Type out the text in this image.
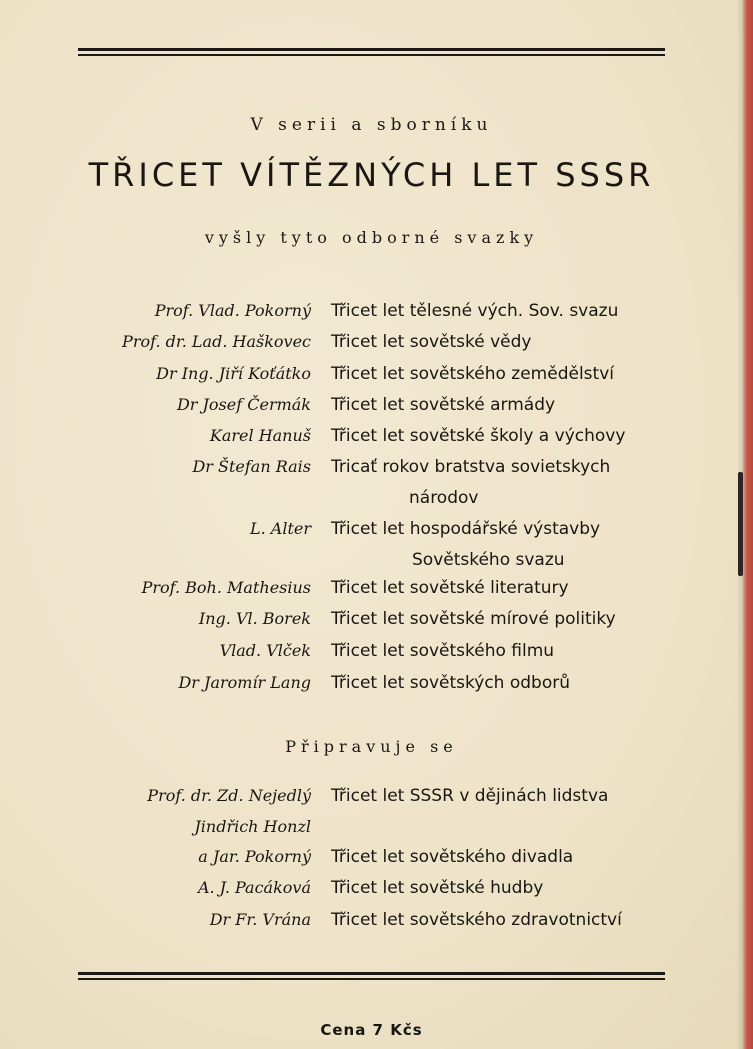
V serii a sborníku
TŘICET VÍTĚZNÝCH LET SSSR
vyšly tyto odborné svazky
Prof. Vlad. Pokorný Třicet let tělesné vých. Sov. svazu
Prof. dr. Lad. Haškovec Třicet let sovětské vědy
Dr Ing. Jiří Koťátko Třicet let sovětského zemědělství
Dr Josef Čermák Třicet let sovětské armády
Karel Hanuš Třicet let sovětské školy a výchovy
Dr Štefan Rais Tricať rokov bratstva sovietskych
národov
L. Alter Třicet let hospodářské výstavby
Sovětského svazu
Prof. Boh. Mathesius Třicet let sovětské literatury
Ing. Vl. Borek Třicet let sovětské mírové politiky
Vlad. Vlček Třicet let sovětského filmu
Dr Jaromír Lang Třicet let sovětských odborů
Připravuje se
Prof. dr. Zd. Nejedlý Třicet let SSSR v dějinách lidstva
Jindřich Honzl
a Jar. Pokorný Třicet let sovětského divadla
A. J. Pacáková Třicet let sovětské hudby
Dr Fr. Vrána Třicet let sovětského zdravotnictví
Cena 7 Kčs
